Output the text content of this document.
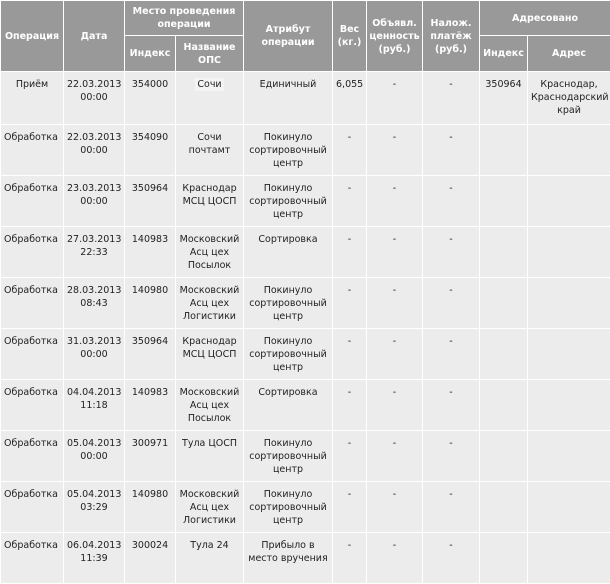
Операция	Дата	Место проведения операции		Атрибут операции	Вес (кг.)	Объявл. ценность (руб.)	Налож. платёж (руб.)	Адресовано	
		Индекс	Название ОПС					Индекс	Адрес
Приём	22.03.2013 00:00	354000	Сочи	Единичный	6,055	-	-	350964	Краснодар, Краснодарский край
Обработка	22.03.2013 00:00	354090	Сочи почтамт	Покинуло сортировочный центр	-	-	-		
Обработка	23.03.2013 00:00	350964	Краснодар МСЦ ЦОСП	Покинуло сортировочный центр	-	-	-		
Обработка	27.03.2013 22:33	140983	Московский Асц цех Посылок	Сортировка	-	-	-		
Обработка	28.03.2013 08:43	140980	Московский Асц цех Логистики	Покинуло сортировочный центр	-	-	-		
Обработка	31.03.2013 00:00	350964	Краснодар МСЦ ЦОСП	Покинуло сортировочный центр	-	-	-		
Обработка	04.04.2013 11:18	140983	Московский Асц цех Посылок	Сортировка	-	-	-		
Обработка	05.04.2013 00:00	300971	Тула ЦОСП	Покинуло сортировочный центр	-	-	-		
Обработка	05.04.2013 03:29	140980	Московский Асц цех Логистики	Покинуло сортировочный центр	-	-	-		
Обработка	06.04.2013 11:39	300024	Тула 24	Прибыло в место вручения	-	-	-		
